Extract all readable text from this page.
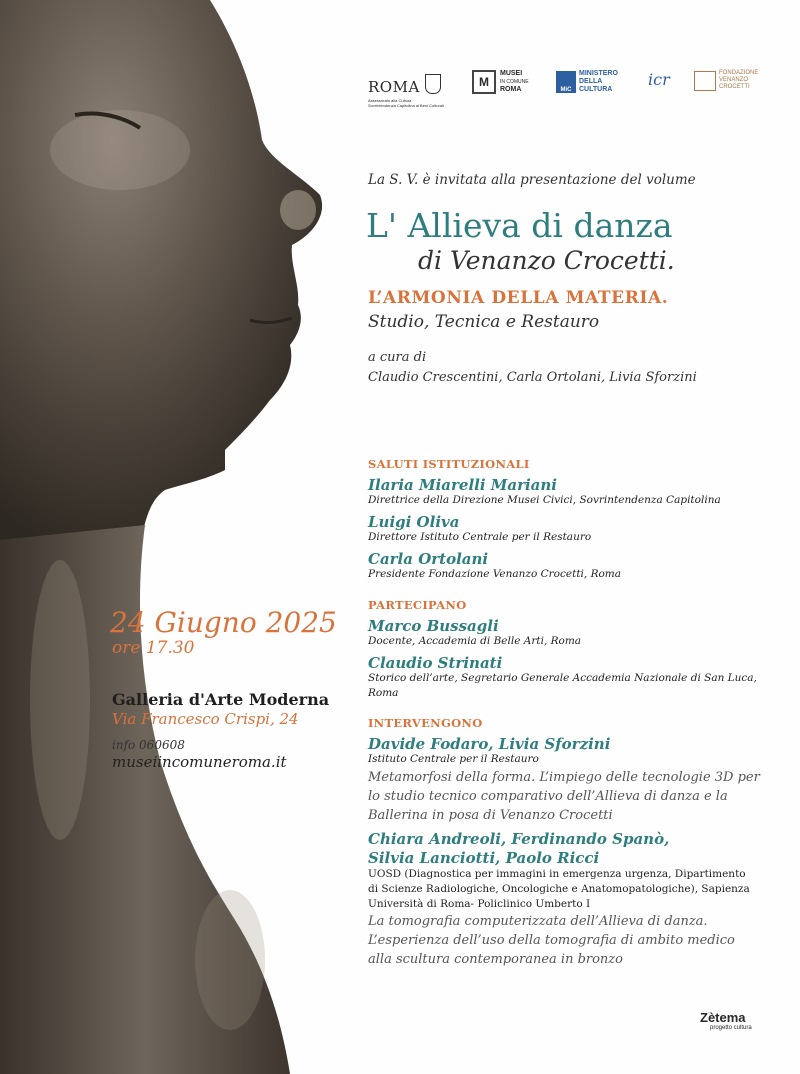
ROMA
Assessorato alla Cultura
Sovrintendenza Capitolina ai Beni Culturali
M
MUSEI
IN COMUNE
ROMA	MiC
MINISTERO
DELLA
CULTURA
icr	FONDAZIONE
VENANZO
CROCETTI
La S. V. è invitata alla presentazione del volume
L' Allieva di danza
di Venanzo Crocetti.
L’ARMONIA DELLA MATERIA.
Studio, Tecnica e Restauro
a cura di
Claudio Crescentini, Carla Ortolani, Livia Sforzini
24 Giugno 2025
ore 17.30
Galleria d'Arte Moderna
Via Francesco Crispi, 24
info 060608
museiincomuneroma.it
SALUTI ISTITUZIONALI
Ilaria Miarelli Mariani
Direttrice della Direzione Musei Civici, Sovrintendenza Capitolina
Luigi Oliva
Direttore Istituto Centrale per il Restauro
Carla Ortolani
Presidente Fondazione Venanzo Crocetti, Roma
PARTECIPANO
Marco Bussagli
Docente, Accademia di Belle Arti, Roma
Claudio Strinati
Storico dell’arte, Segretario Generale Accademia Nazionale di San Luca,
Roma
INTERVENGONO
Davide Fodaro, Livia Sforzini
Istituto Centrale per il Restauro
Metamorfosi della forma. L’impiego delle tecnologie 3D per
lo studio tecnico comparativo dell’Allieva di danza e la
Ballerina in posa di Venanzo Crocetti
Chiara Andreoli, Ferdinando Spanò,
Silvia Lanciotti, Paolo Ricci
UOSD (Diagnostica per immagini in emergenza urgenza, Dipartimento
di Scienze Radiologiche, Oncologiche e Anatomopatologiche), Sapienza
Università di Roma- Policlinico Umberto I
La tomografia computerizzata dell’Allieva di danza.
L’esperienza dell’uso della tomografia di ambito medico
alla scultura contemporanea in bronzo
Zètema
progetto cultura
